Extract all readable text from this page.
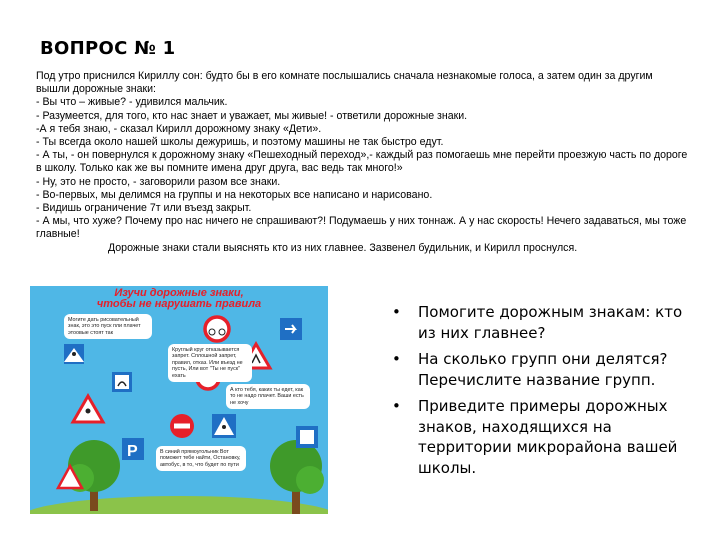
ВОПРОС № 1

Под утро приснился Кириллу сон: будто бы в его комнате послышались сначала незнакомые голоса, а затем один за другим вышли дорожные знаки:

- Вы что – живые? - удивился мальчик.

- Разумеется, для того, кто нас знает и уважает, мы живые! - ответили дорожные знаки.

-А я тебя знаю, - сказал Кирилл дорожному знаку «Дети».

- Ты всегда около нашей школы дежуришь, и поэтому машины не так быстро едут.

- А ты, - он повернулся к дорожному знаку «Пешеходный переход»,- каждый раз помогаешь мне перейти проезжую часть по дороге в школу. Только как же вы помните имена друг друга, вас ведь так много!»

- Ну, это не просто, - заговорили разом все знаки.

- Во-первых, мы делимся на группы и на некоторых все написано и нарисовано.

- Видишь ограничение 7т или въезд закрыт.

- А мы, что хуже? Почему про нас ничего не спрашивают?! Подумаешь у них тоннаж. А у нас скорость! Нечего задаваться, мы тоже главные!

Дорожные знаки стали выяснять кто из них главнее. Зазвенел будильник, и Кирилл проснулся.

P
Изучи дорожные знаки,
чтобы не нарушать правила
Могите дать рисовательный знак, это это пуск пли плачет этоовые стоят так
Круглый круг отказывается запрет. Сплошной запрет, правил, отказ. Или въезд не пусть, Или вот "Ты не пуск" ехать
А кто тебя, каких ты едет, как то не надо плачет. Ваши есть не хочу
В синий прямоугольник Вот поможет тебе найти, Остановку, автобус, в то, что будет по пути
• Помогите дорожным знакам: кто из них главнее?
• На сколько групп они делятся? Перечислите название групп.
• Приведите примеры дорожных знаков, находящихся на территории микрорайона вашей школы.
